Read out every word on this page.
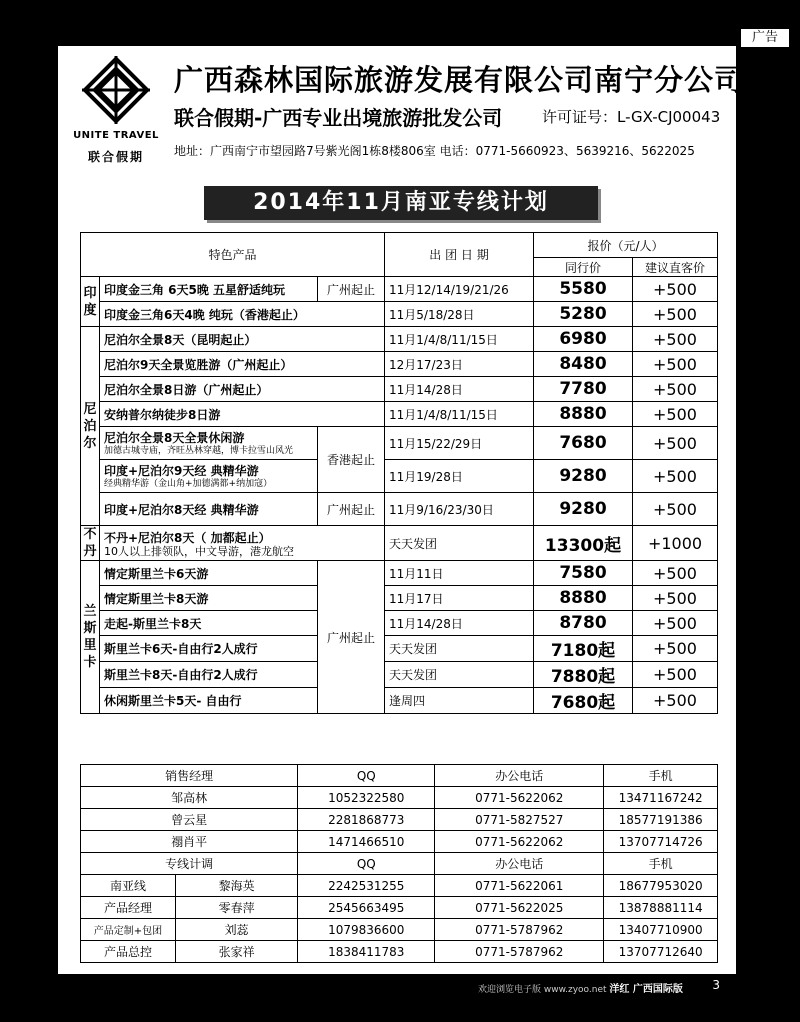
广告
UNITE TRAVEL
联合假期
广西森林国际旅游发展有限公司南宁分公司
联合假期-广西专业出境旅游批发公司	许可证号：L-GX-CJ00043
地址：广西南宁市望园路7号紫光阁1栋8楼806室 电话：0771-5660923、5639216、5622025
2014年11月南亚专线计划
特色产品			出 团 日 期	报价（元/人）	
				同行价	建议直客价
印度	印度金三角 6天5晚 五星舒适纯玩	广州起止	11月12/14/19/21/26	5580	+500
	印度金三角6天4晚 纯玩（香港起止）		11月5/18/28日	5280	+500
尼泊尔	尼泊尔全景8天（昆明起止）		11月1/4/8/11/15日	6980	+500
	尼泊尔9天全景览胜游（广州起止）		12月17/23日	8480	+500
	尼泊尔全景8日游（广州起止）		11月14/28日	7780	+500
	安纳普尔纳徒步8日游		11月1/4/8/11/15日	8880	+500
	尼泊尔全景8天全景休闲游
加德古城寺庙，齐旺丛林穿越，博卡拉雪山风光	香港起止	11月15/22/29日	7680	+500
	印度+尼泊尔9天经 典精华游
经典精华游（金山角+加德满都+纳加寇）		11月19/28日	9280	+500
	印度+尼泊尔8天经 典精华游	广州起止	11月9/16/23/30日	9280	+500
不丹	不丹+尼泊尔8天（ 加都起止）
10人以上排领队，中文导游，港龙航空		天天发团	13300起	+1000
兰斯里卡	情定斯里兰卡6天游	广州起止	11月11日	7580	+500
	情定斯里兰卡8天游		11月17日	8880	+500
	走起-斯里兰卡8天		11月14/28日	8780	+500
	斯里兰卡6天-自由行2人成行		天天发团	7180起	+500
	斯里兰卡8天-自由行2人成行		天天发团	7880起	+500
	休闲斯里兰卡5天- 自由行		逢周四	7680起	+500
销售经理		QQ	办公电话	手机
邹高林		1052322580	0771-5622062	13471167242
曾云星		2281868773	0771-5827527	18577191386
禤肖平		1471466510	0771-5622062	13707714726
专线计调		QQ	办公电话	手机
南亚线	黎海英	2242531255	0771-5622061	18677953020
产品经理	零春萍	2545663495	0771-5622025	13878881114
产品定制+包团	刘蕊	1079836600	0771-5787962	13407710900
产品总控	张家祥	1838411783	0771-5787962	13707712640
欢迎浏览电子版 www.zyoo.net 洋红 广西国际版 3
